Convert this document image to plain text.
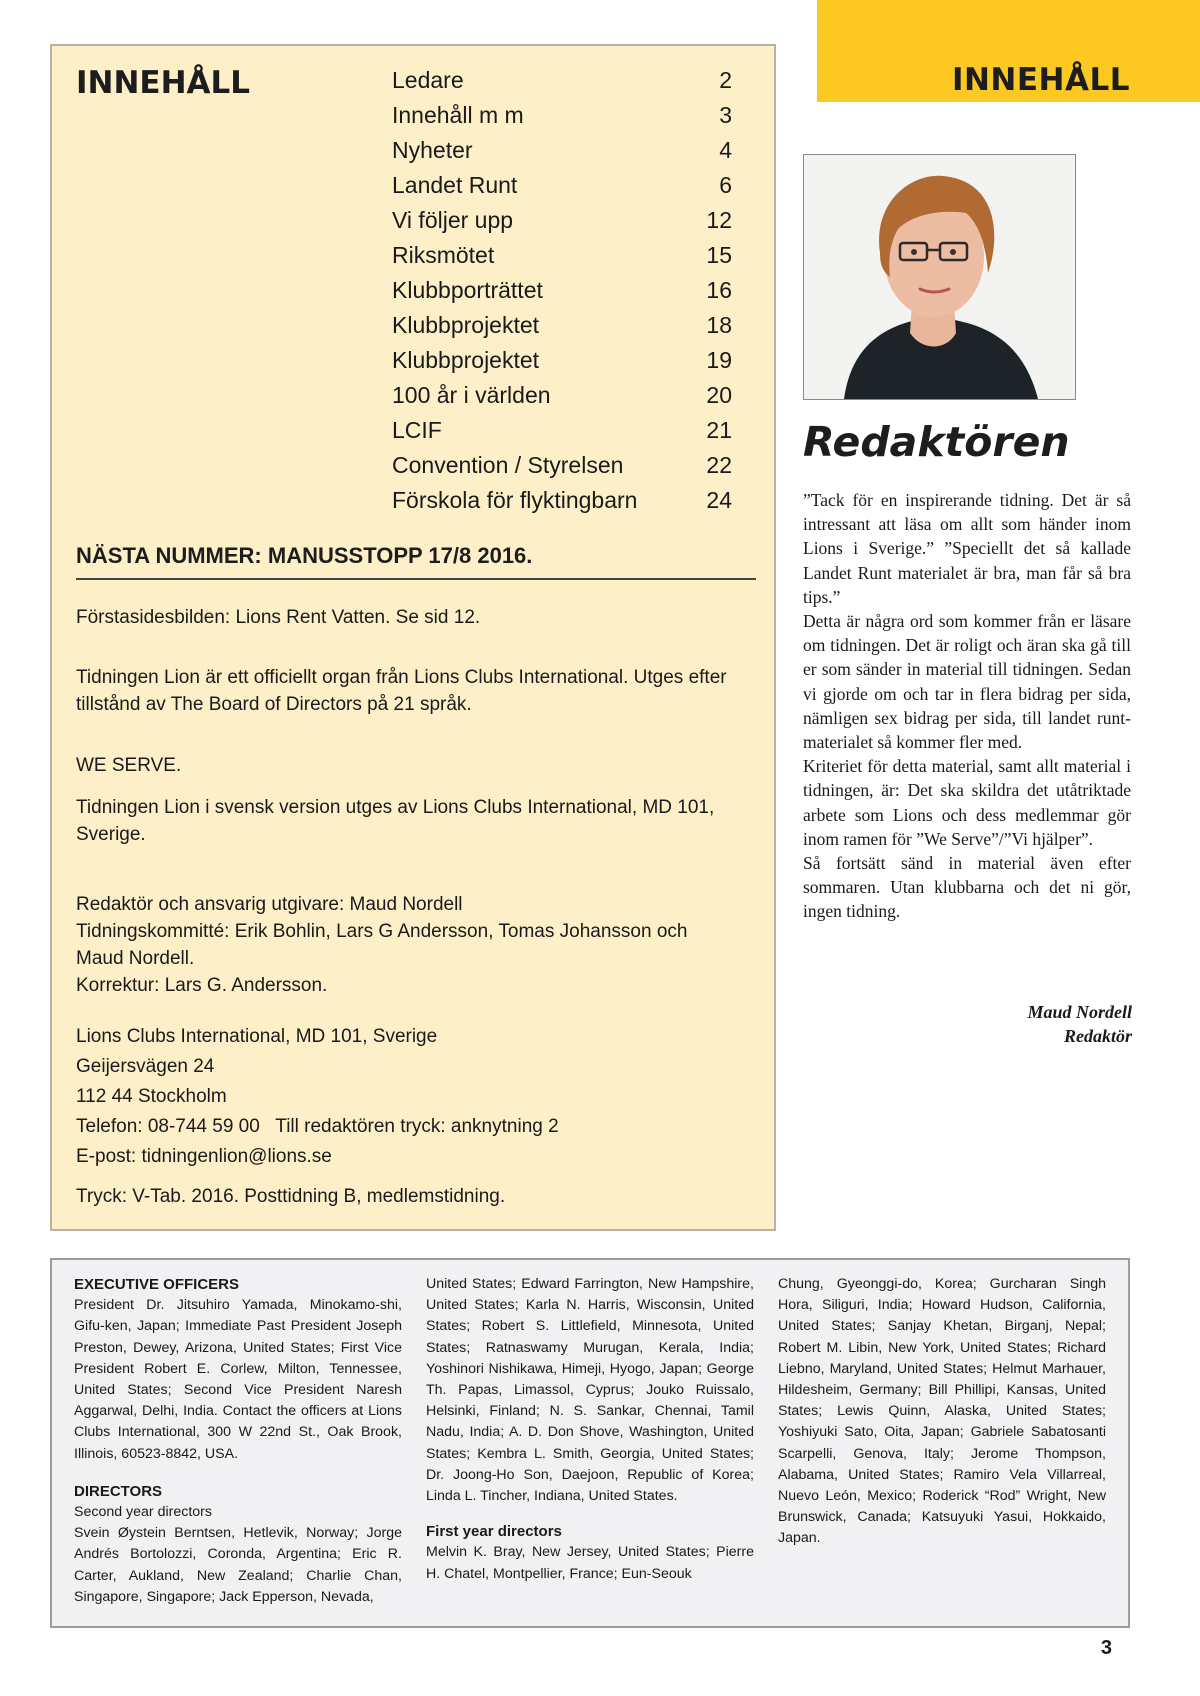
INNEHÅLL
INNEHÅLL	Ledare	2
Innehåll m m	3
Nyheter	4
Landet Runt	6
Vi följer upp	12
Riksmötet	15
Klubbporträttet	16
Klubbprojektet	18
Klubbprojektet	19
100 år i världen	20
LCIF	21
Convention / Styrelsen	22
Förskola för flyktingbarn	24
NÄSTA NUMMER: MANUSSTOPP 17/8 2016.

Förstasidesbilden: Lions Rent Vatten. Se sid 12.

Tidningen Lion är ett officiellt organ från Lions Clubs International. Utges efter tillstånd av The Board of Directors på 21 språk.

WE SERVE.

Tidningen Lion i svensk version utges av Lions Clubs International, MD 101, Sverige.

Redaktör och ansvarig utgivare: Maud Nordell

Tidningskommitté: Erik Bohlin, Lars G Andersson, Tomas Johansson och Maud Nordell.

Korrektur: Lars G. Andersson.

Lions Clubs International, MD 101, Sverige

Geijersvägen 24

112 44 Stockholm

Telefon: 08-744 59 00   Till redaktören tryck: anknytning 2

E-post: tidningenlion@lions.se

Tryck: V-Tab. 2016. Posttidning B, medlemstidning.

Redaktören

”Tack för en inspirerande tidning. Det är så intressant att läsa om allt som händer inom Lions i Sverige.” ”Speciellt det så kallade Landet Runt materialet är bra, man får så bra tips.”

Detta är några ord som kommer från er läsare om tidningen. Det är roligt och äran ska gå till er som sänder in material till tidningen. Sedan vi gjorde om och tar in flera bidrag per sida, nämligen sex bidrag per sida, till landet runt-materialet så kommer fler med.

Kriteriet för detta material, samt allt material i tidningen, är: Det ska skildra det utåtriktade arbete som Lions och dess medlemmar gör inom ramen för ”We Serve”/”Vi hjälper”.

Så fortsätt sänd in material även efter sommaren. Utan klubbarna och det ni gör, ingen tidning.

Maud Nordell
Redaktör

EXECUTIVE OFFICERS

President Dr. Jitsuhiro Yamada, Minokamo-shi, Gifu-ken, Japan; Immediate Past President Joseph Preston, Dewey, Arizona, United States; First Vice President Robert E. Corlew, Milton, Tennessee, United States; Second Vice President Naresh Aggarwal, Delhi, India. Contact the officers at Lions Clubs International, 300 W 22nd St., Oak Brook, Illinois, 60523-8842, USA.

DIRECTORS

Second year directors

Svein Øystein Berntsen, Hetlevik, Norway; Jorge Andrés Bortolozzi, Coronda, Argentina; Eric R. Carter, Aukland, New Zealand; Charlie Chan, Singapore, Singapore; Jack Epperson, Nevada,

United States; Edward Farrington, New Hampshire, United States; Karla N. Harris, Wisconsin, United States; Robert S. Littlefield, Minnesota, United States; Ratnaswamy Murugan, Kerala, India; Yoshinori Nishikawa, Himeji, Hyogo, Japan; George Th. Papas, Limassol, Cyprus; Jouko Ruissalo, Helsinki, Finland; N. S. Sankar, Chennai, Tamil Nadu, India; A. D. Don Shove, Washington, United States; Kembra L. Smith, Georgia, United States; Dr. Joong-Ho Son, Daejoon, Republic of Korea; Linda L. Tincher, Indiana, United States.

First year directors

Melvin K. Bray, New Jersey, United States; Pierre H. Chatel, Montpellier, France; Eun-Seouk

Chung, Gyeonggi-do, Korea; Gurcharan Singh Hora, Siliguri, India; Howard Hudson, California, United States; Sanjay Khetan, Birganj, Nepal; Robert M. Libin, New York, United States; Richard Liebno, Maryland, United States; Helmut Marhauer, Hildesheim, Germany; Bill Phillipi, Kansas, United States; Lewis Quinn, Alaska, United States; Yoshiyuki Sato, Oita, Japan; Gabriele Sabatosanti Scarpelli, Genova, Italy; Jerome Thompson, Alabama, United States; Ramiro Vela Villarreal, Nuevo León, Mexico; Roderick “Rod” Wright, New Brunswick, Canada; Katsuyuki Yasui, Hokkaido, Japan.

3
